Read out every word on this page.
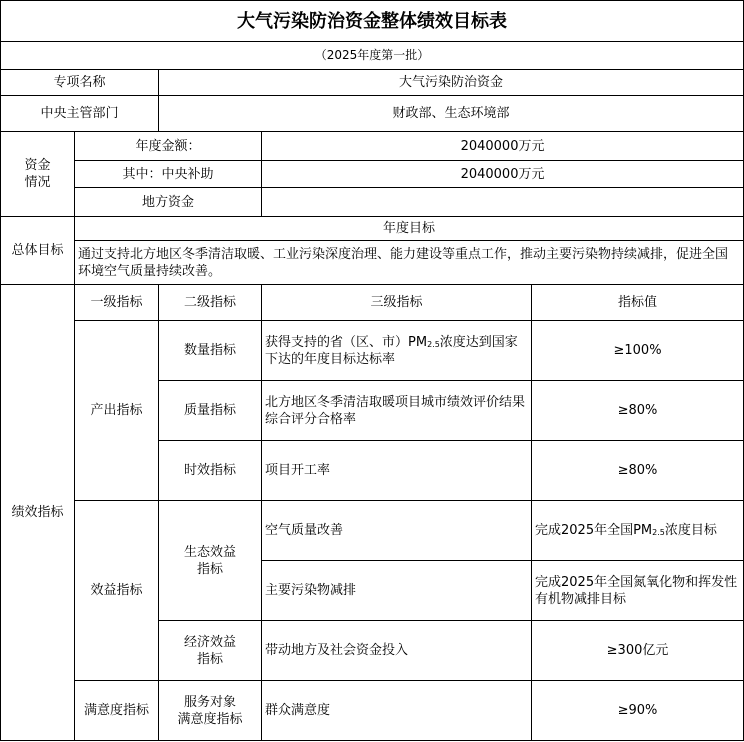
大气污染防治资金整体绩效目标表				
（2025年度第一批）				
专项名称		大气污染防治资金		
中央主管部门		财政部、生态环境部		
资金
情况	年度金额：		2040000万元	
	其中：中央补助		2040000万元	
	地方资金			
总体目标	年度目标			
	通过支持北方地区冬季清洁取暖、工业污染深度治理、能力建设等重点工作，推动主要污染物持续减排，促进全国环境空气质量持续改善。			
绩效指标	一级指标	二级指标	三级指标	指标值
	产出指标	数量指标	获得支持的省（区、市）$PM_{2.5}$浓度达到国家下达的年度目标达标率	≥100%
		质量指标	北方地区冬季清洁取暖项目城市绩效评价结果综合评分合格率	≥80%
		时效指标	项目开工率	≥80%
	效益指标	生态效益
指标	空气质量改善	完成2025年全国$PM_{2.5}$浓度目标
			主要污染物减排	完成2025年全国氮氧化物和挥发性有机物减排目标
		经济效益
指标	带动地方及社会资金投入	≥300亿元
	满意度指标	服务对象
满意度指标	群众满意度	≥90%
